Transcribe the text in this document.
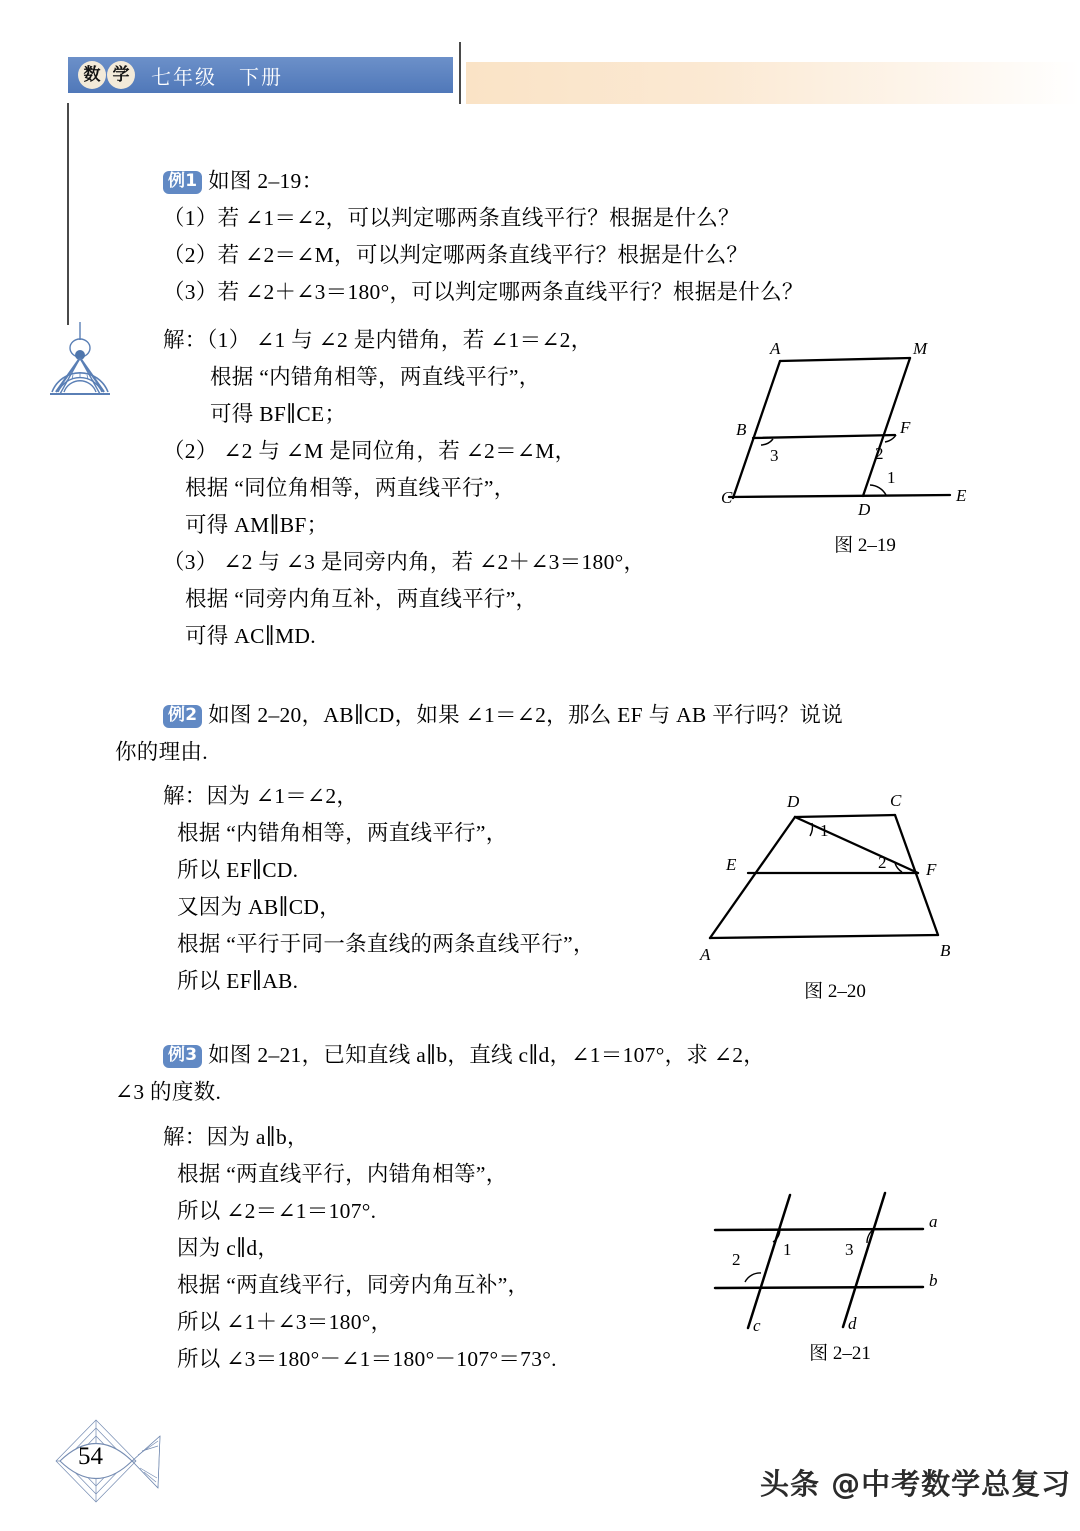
数 学 七年级　下册
例1 如图 2–19：
（1）若 ∠1＝∠2，可以判定哪两条直线平行？根据是什么？
（2）若 ∠2＝∠M，可以判定哪两条直线平行？根据是什么？
（3）若 ∠2＋∠3＝180°，可以判定哪两条直线平行？根据是什么？
解：（1） ∠1 与 ∠2 是内错角，若 ∠1＝∠2，
根据 “内错角相等，两直线平行”，
可得 BF∥CE；
（2） ∠2 与 ∠M 是同位角，若 ∠2＝∠M，
根据 “同位角相等，两直线平行”，
可得 AM∥BF；
（3） ∠2 与 ∠3 是同旁内角，若 ∠2＋∠3＝180°，
根据 “同旁内角互补，两直线平行”，
可得 AC∥MD.
A	M
B	F
C
D
E
3	2
1
图 2–19
例2 如图 2–20，AB∥CD，如果 ∠1＝∠2，那么 EF 与 AB 平行吗？说说
你的理由.
解：因为 ∠1＝∠2，
根据 “内错角相等，两直线平行”，
所以 EF∥CD.
又因为 AB∥CD，
根据 “平行于同一条直线的两条直线平行”，
所以 EF∥AB.
D	C
E	F
A	B
1
2
图 2–20
例3 如图 2–21，已知直线 a∥b，直线 c∥d，∠1＝107°，求 ∠2，
∠3 的度数.
解：因为 a∥b，
根据 “两直线平行，内错角相等”，
所以 ∠2＝∠1＝107°.
因为 c∥d，
根据 “两直线平行，同旁内角互补”，
所以 ∠1＋∠3＝180°，
所以 ∠3＝180°－∠1＝180°－107°＝73°.
a
b
c	d
1
2
3
图 2–21
54
头条 @中考数学总复习
